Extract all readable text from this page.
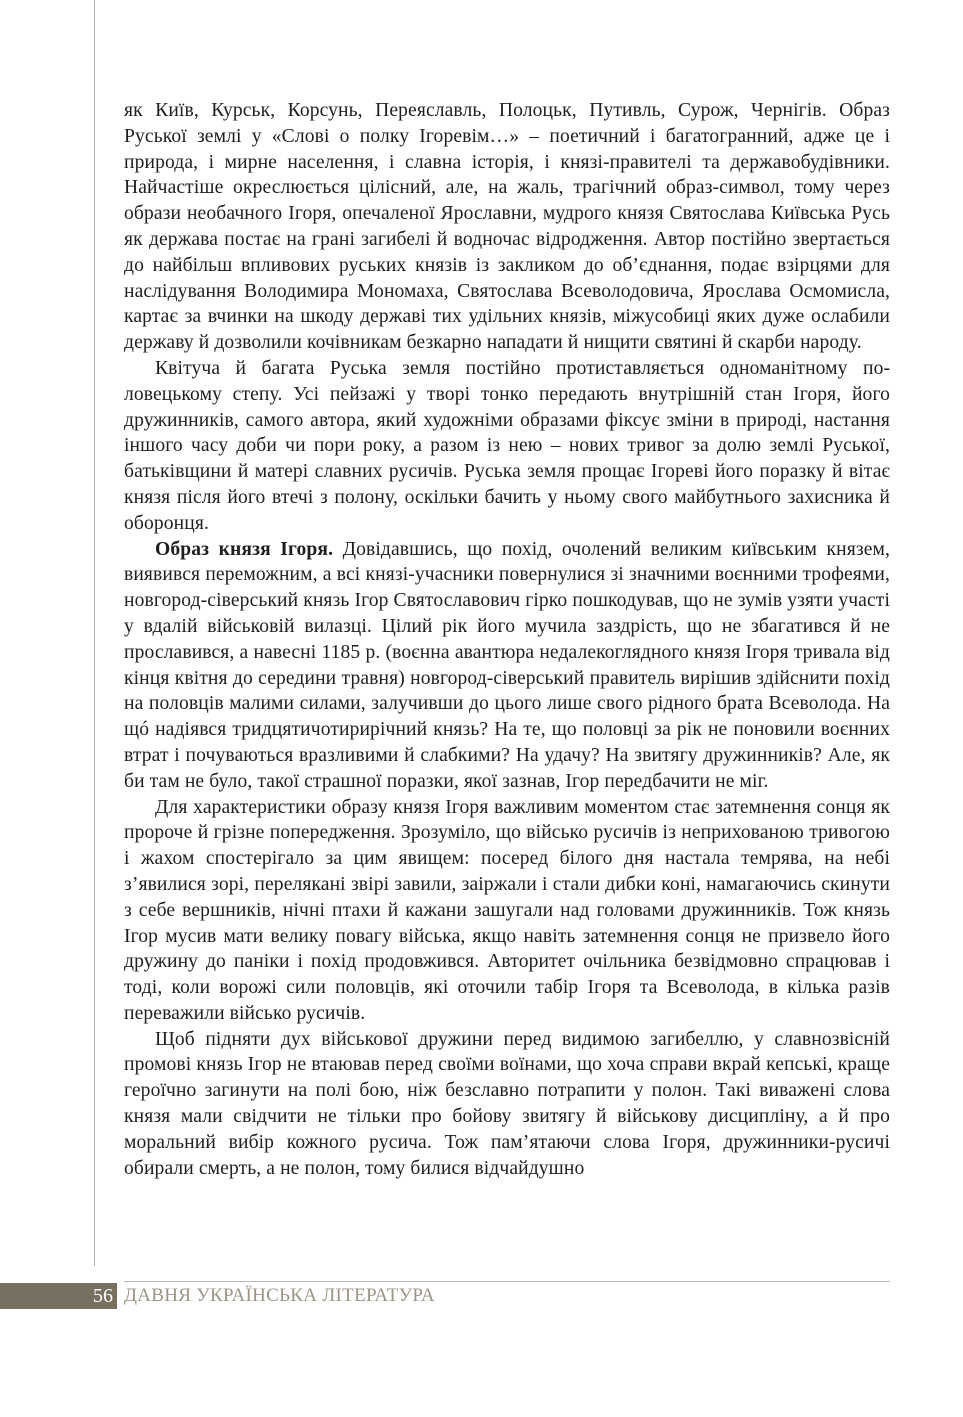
як Київ, Курськ, Корсунь, Переяславль, Полоцьк, Путивль, Сурож, Чернігів. Образ Руської землі у «Слові о полку Ігоревім…» – поетичний і багатогранний, адже це і природа, і мирне населення, і славна історія, і князі-правителі та державобудівники. Найчастіше окреслюється цілісний, але, на жаль, трагічний образ-символ, тому через образи необачного Ігоря, опечаленої Ярославни, мудрого князя Святослава Київська Русь як держава постає на грані загибелі й водночас відродження. Автор постійно звертається до найбільш впливових руських князів із закликом до об’єднання, подає взірцями для наслідування Володимира Мономаха, Святослава Всеволодовича, Ярослава Осмомисла, картає за вчинки на шкоду державі тих удільних князів, міжусобиці яких дуже ослабили державу й дозволили кочівникам безкарно нападати й нищити святині й скарби народу.

Квітуча й багата Руська земля постійно протиставляється одноманітному половецькому степу. Усі пейзажі у творі тонко передають внутрішній стан Ігоря, його дружинників, самого автора, який художніми образами фіксує зміни в природі, настання іншого часу доби чи пори року, а разом із нею – нових тривог за долю землі Руської, батьківщини й матері славних русичів. Руська земля прощає Ігореві його поразку й вітає князя після його втечі з полону, оскільки бачить у ньому свого майбутнього захисника й оборонця.

Образ князя Ігоря. Довідавшись, що похід, очолений великим київським князем, виявився переможним, а всі князі-учасники повернулися зі значними воєнними трофеями, новгород-сіверський князь Ігор Святославович гірко пошкодував, що не зумів узяти участі у вдалій військовій вилазці. Цілий рік його мучила заздрість, що не збагатився й не прославився, а навесні 1185 р. (воєнна авантюра недалекоглядного князя Ігоря тривала від кінця квітня до середини травня) новгород-сіверський правитель вирішив здійснити похід на половців малими силами, залучивши до цього лише свого рідного брата Всеволода. На щó надіявся тридцятичотирирічний князь? На те, що половці за рік не поновили воєнних втрат і почуваються вразливими й слабкими? На удачу? На звитягу дружинників? Але, як би там не було, такої страшної поразки, якої зазнав, Ігор передбачити не міг.

Для характеристики образу князя Ігоря важливим моментом стає затемнення сонця як пророче й грізне попередження. Зрозуміло, що військо русичів із неприхованою тривогою і жахом спостерігало за цим явищем: посеред білого дня настала темрява, на небі з’явилися зорі, перелякані звірі завили, заіржали і стали дибки коні, намагаючись скинути з себе вершників, нічні птахи й кажани зашугали над головами дружинників. Тож князь Ігор мусив мати велику повагу війська, якщо навіть затемнення сонця не призвело його дружину до паніки і похід продовжився. Авторитет очільника безвідмовно спрацював і тоді, коли ворожі сили половців, які оточили табір Ігоря та Всеволода, в кілька разів переважили військо русичів.

Щоб підняти дух військової дружини перед видимою загибеллю, у славнозвісній промові князь Ігор не втаював перед своїми воїнами, що хоча справи вкрай кепські, краще героїчно загинути на полі бою, ніж безславно потрапити у полон. Такі виважені слова князя мали свідчити не тільки про бойову звитягу й військову дисципліну, а й про моральний вибір кожного русича. Тож пам’ятаючи слова Ігоря, дружинники-русичі обирали смерть, а не полон, тому билися відчайдушно

56 ДАВНЯ УКРАЇНСЬКА ЛІТЕРАТУРА
